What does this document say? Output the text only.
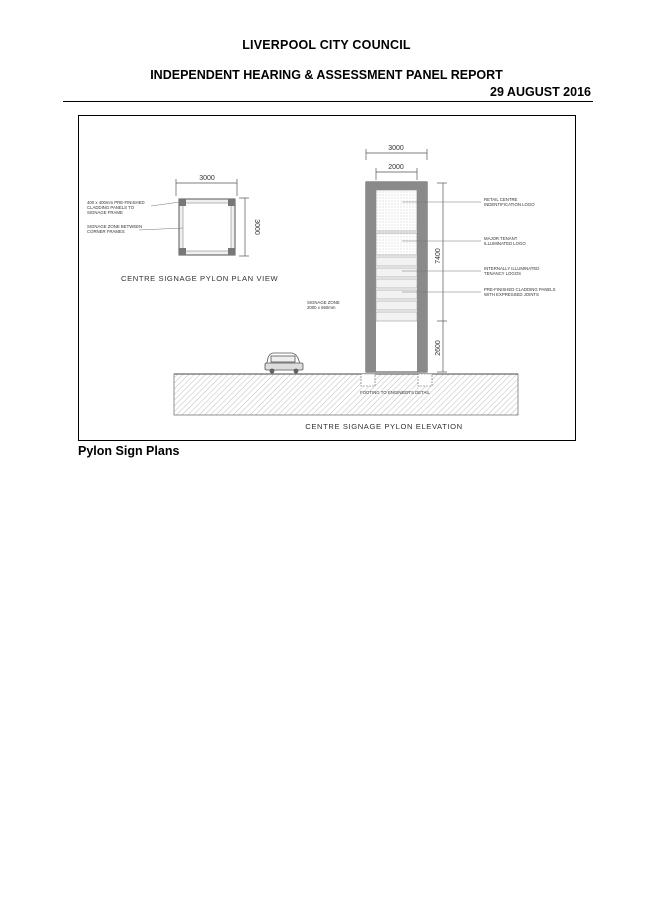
LIVERPOOL CITY COUNCIL
INDEPENDENT HEARING & ASSESSMENT PANEL REPORT
29 AUGUST 2016
3000
3000
400 x 400mm PRE-FINISHED CLADDING PANELS TO SIGNAGE FRAME
SIGNAGE ZONE BETWEEN CORNER FRAMES
CENTRE SIGNAGE PYLON PLAN VIEW
3000
2000
7400
2600
RETAIL CENTRE INDENTIFICATION LOGO
MAJOR TENANT ILLUMINATED LOGO
INTERNALLY ILLUMINATED TENANCY LOGOS
PRE-FINISHED CLADDING PANELS WITH EXPRESSED JOINTS
SIGNAGE ZONE 2000 x 660mm
FOOTING TO ENGINEER'S DETAIL
CENTRE SIGNAGE PYLON ELEVATION
Pylon Sign Plans
